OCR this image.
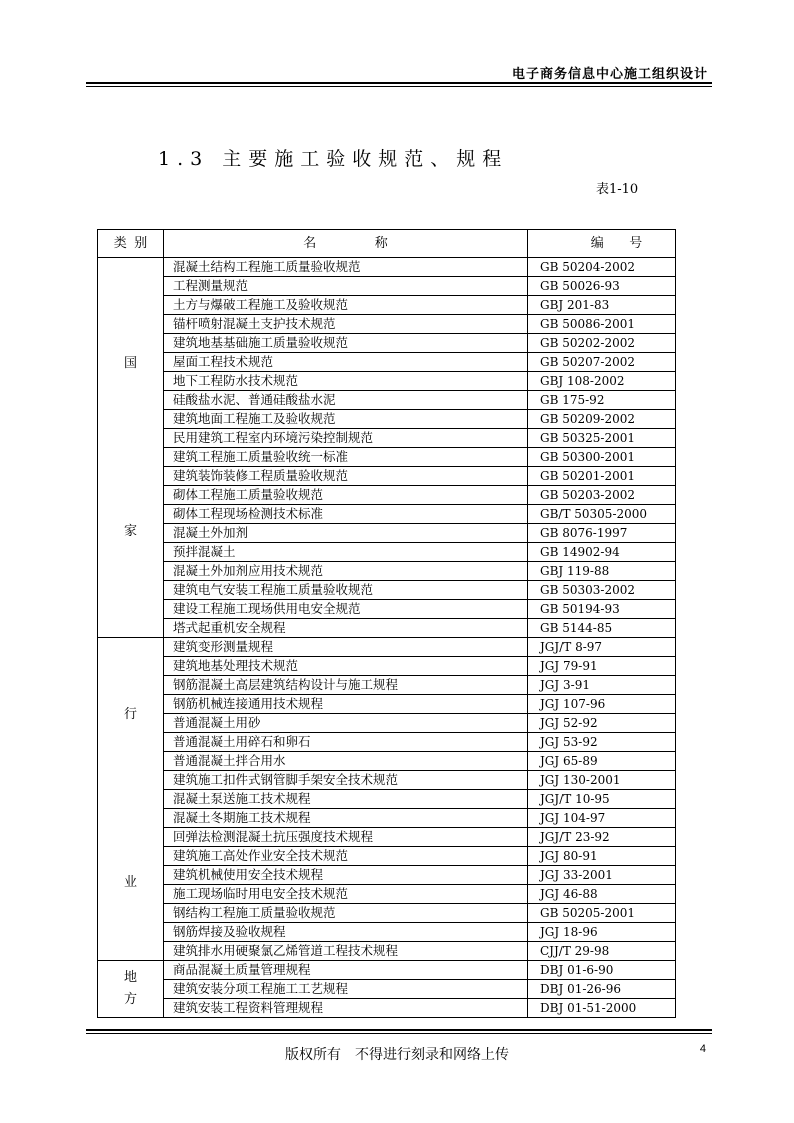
电子商务信息中心施工组织设计
1.3 主要施工验收规范、规程
表1-10
类 别	名 称	编 号

国
家	混凝土结构工程施工质量验收规范	GB 50204-2002
	工程测量规范	GB 50026-93
	土方与爆破工程施工及验收规范	GBJ 201-83
	锚杆喷射混凝土支护技术规范	GB 50086-2001
	建筑地基基础施工质量验收规范	GB 50202-2002
	屋面工程技术规范	GB 50207-2002
	地下工程防水技术规范	GBJ 108-2002
	硅酸盐水泥、普通硅酸盐水泥	GB 175-92
	建筑地面工程施工及验收规范	GB 50209-2002
	民用建筑工程室内环境污染控制规范	GB 50325-2001
	建筑工程施工质量验收统一标准	GB 50300-2001
	建筑装饰装修工程质量验收规范	GB 50201-2001
	砌体工程施工质量验收规范	GB 50203-2002
	砌体工程现场检测技术标准	GB/T 50305-2000
	混凝土外加剂	GB 8076-1997
	预拌混凝土	GB 14902-94
	混凝土外加剂应用技术规范	GBJ 119-88
	建筑电气安装工程施工质量验收规范	GB 50303-2002
	建设工程施工现场供用电安全规范	GB 50194-93
	塔式起重机安全规程	GB 5144-85

行
业	建筑变形测量规程	JGJ/T 8-97
	建筑地基处理技术规范	JGJ 79-91
	钢筋混凝土高层建筑结构设计与施工规程	JGJ 3-91
	钢筋机械连接通用技术规程	JGJ 107-96
	普通混凝土用砂	JGJ 52-92
	普通混凝土用碎石和卵石	JGJ 53-92
	普通混凝土拌合用水	JGJ 65-89
	建筑施工扣件式钢管脚手架安全技术规范	JGJ 130-2001
	混凝土泵送施工技术规程	JGJ/T 10-95
	混凝土冬期施工技术规程	JGJ 104-97
	回弹法检测混凝土抗压强度技术规程	JGJ/T 23-92
	建筑施工高处作业安全技术规范	JGJ 80-91
	建筑机械使用安全技术规程	JGJ 33-2001
	施工现场临时用电安全技术规范	JGJ 46-88
	钢结构工程施工质量验收规范	GB 50205-2001
	钢筋焊接及验收规程	JGJ 18-96
	建筑排水用硬聚氯乙烯管道工程技术规程	CJJ/T 29-98

地
方	商品混凝土质量管理规程	DBJ 01-6-90
	建筑安装分项工程施工工艺规程	DBJ 01-26-96
	建筑安装工程资料管理规程	DBJ 01-51-2000
版权所有　不得进行刻录和网络上传	4
